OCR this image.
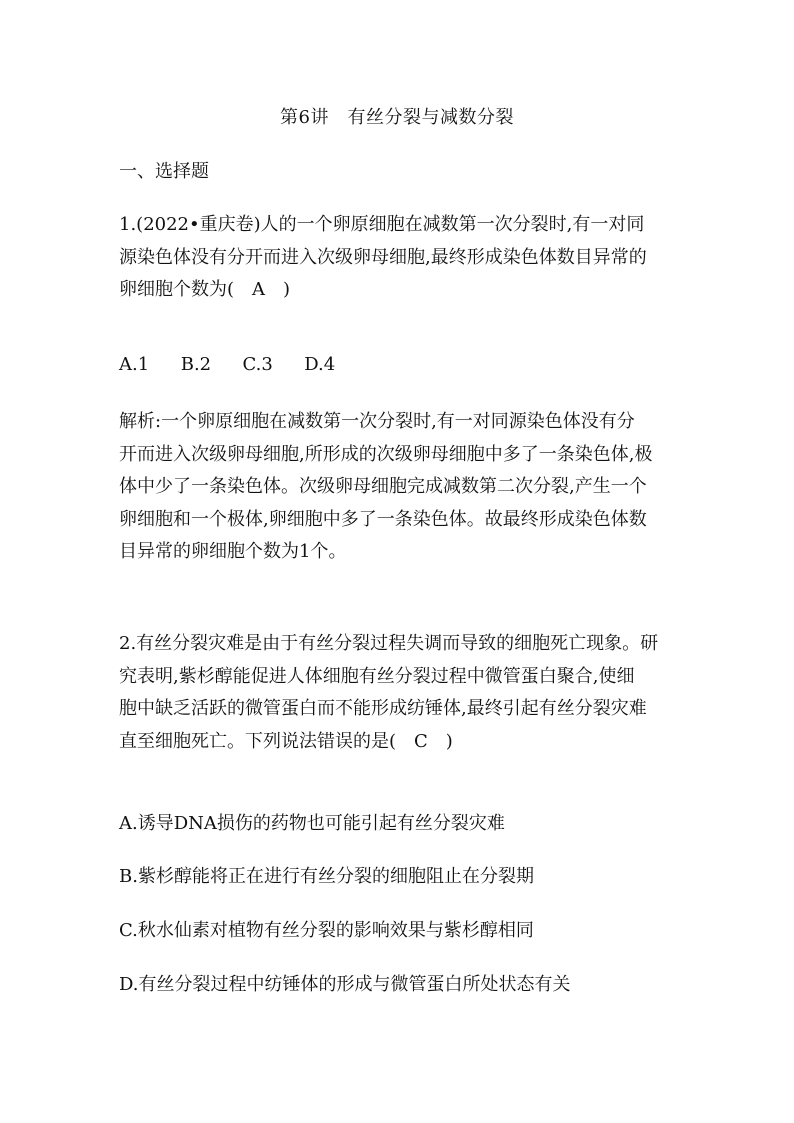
第6讲　有丝分裂与减数分裂
一、选择题
1.(2022•重庆卷)人的一个卵原细胞在减数第一次分裂时,有一对同
源染色体没有分开而进入次级卵母细胞,最终形成染色体数目异常的
卵细胞个数为(　A　)
A.1 B.2 C.3 D.4
解析:一个卵原细胞在减数第一次分裂时,有一对同源染色体没有分
开而进入次级卵母细胞,所形成的次级卵母细胞中多了一条染色体,极
体中少了一条染色体。次级卵母细胞完成减数第二次分裂,产生一个
卵细胞和一个极体,卵细胞中多了一条染色体。故最终形成染色体数
目异常的卵细胞个数为1个。
2.有丝分裂灾难是由于有丝分裂过程失调而导致的细胞死亡现象。研
究表明,紫杉醇能促进人体细胞有丝分裂过程中微管蛋白聚合,使细
胞中缺乏活跃的微管蛋白而不能形成纺锤体,最终引起有丝分裂灾难
直至细胞死亡。下列说法错误的是(　C　)
A.诱导DNA损伤的药物也可能引起有丝分裂灾难
B.紫杉醇能将正在进行有丝分裂的细胞阻止在分裂期
C.秋水仙素对植物有丝分裂的影响效果与紫杉醇相同
D.有丝分裂过程中纺锤体的形成与微管蛋白所处状态有关
